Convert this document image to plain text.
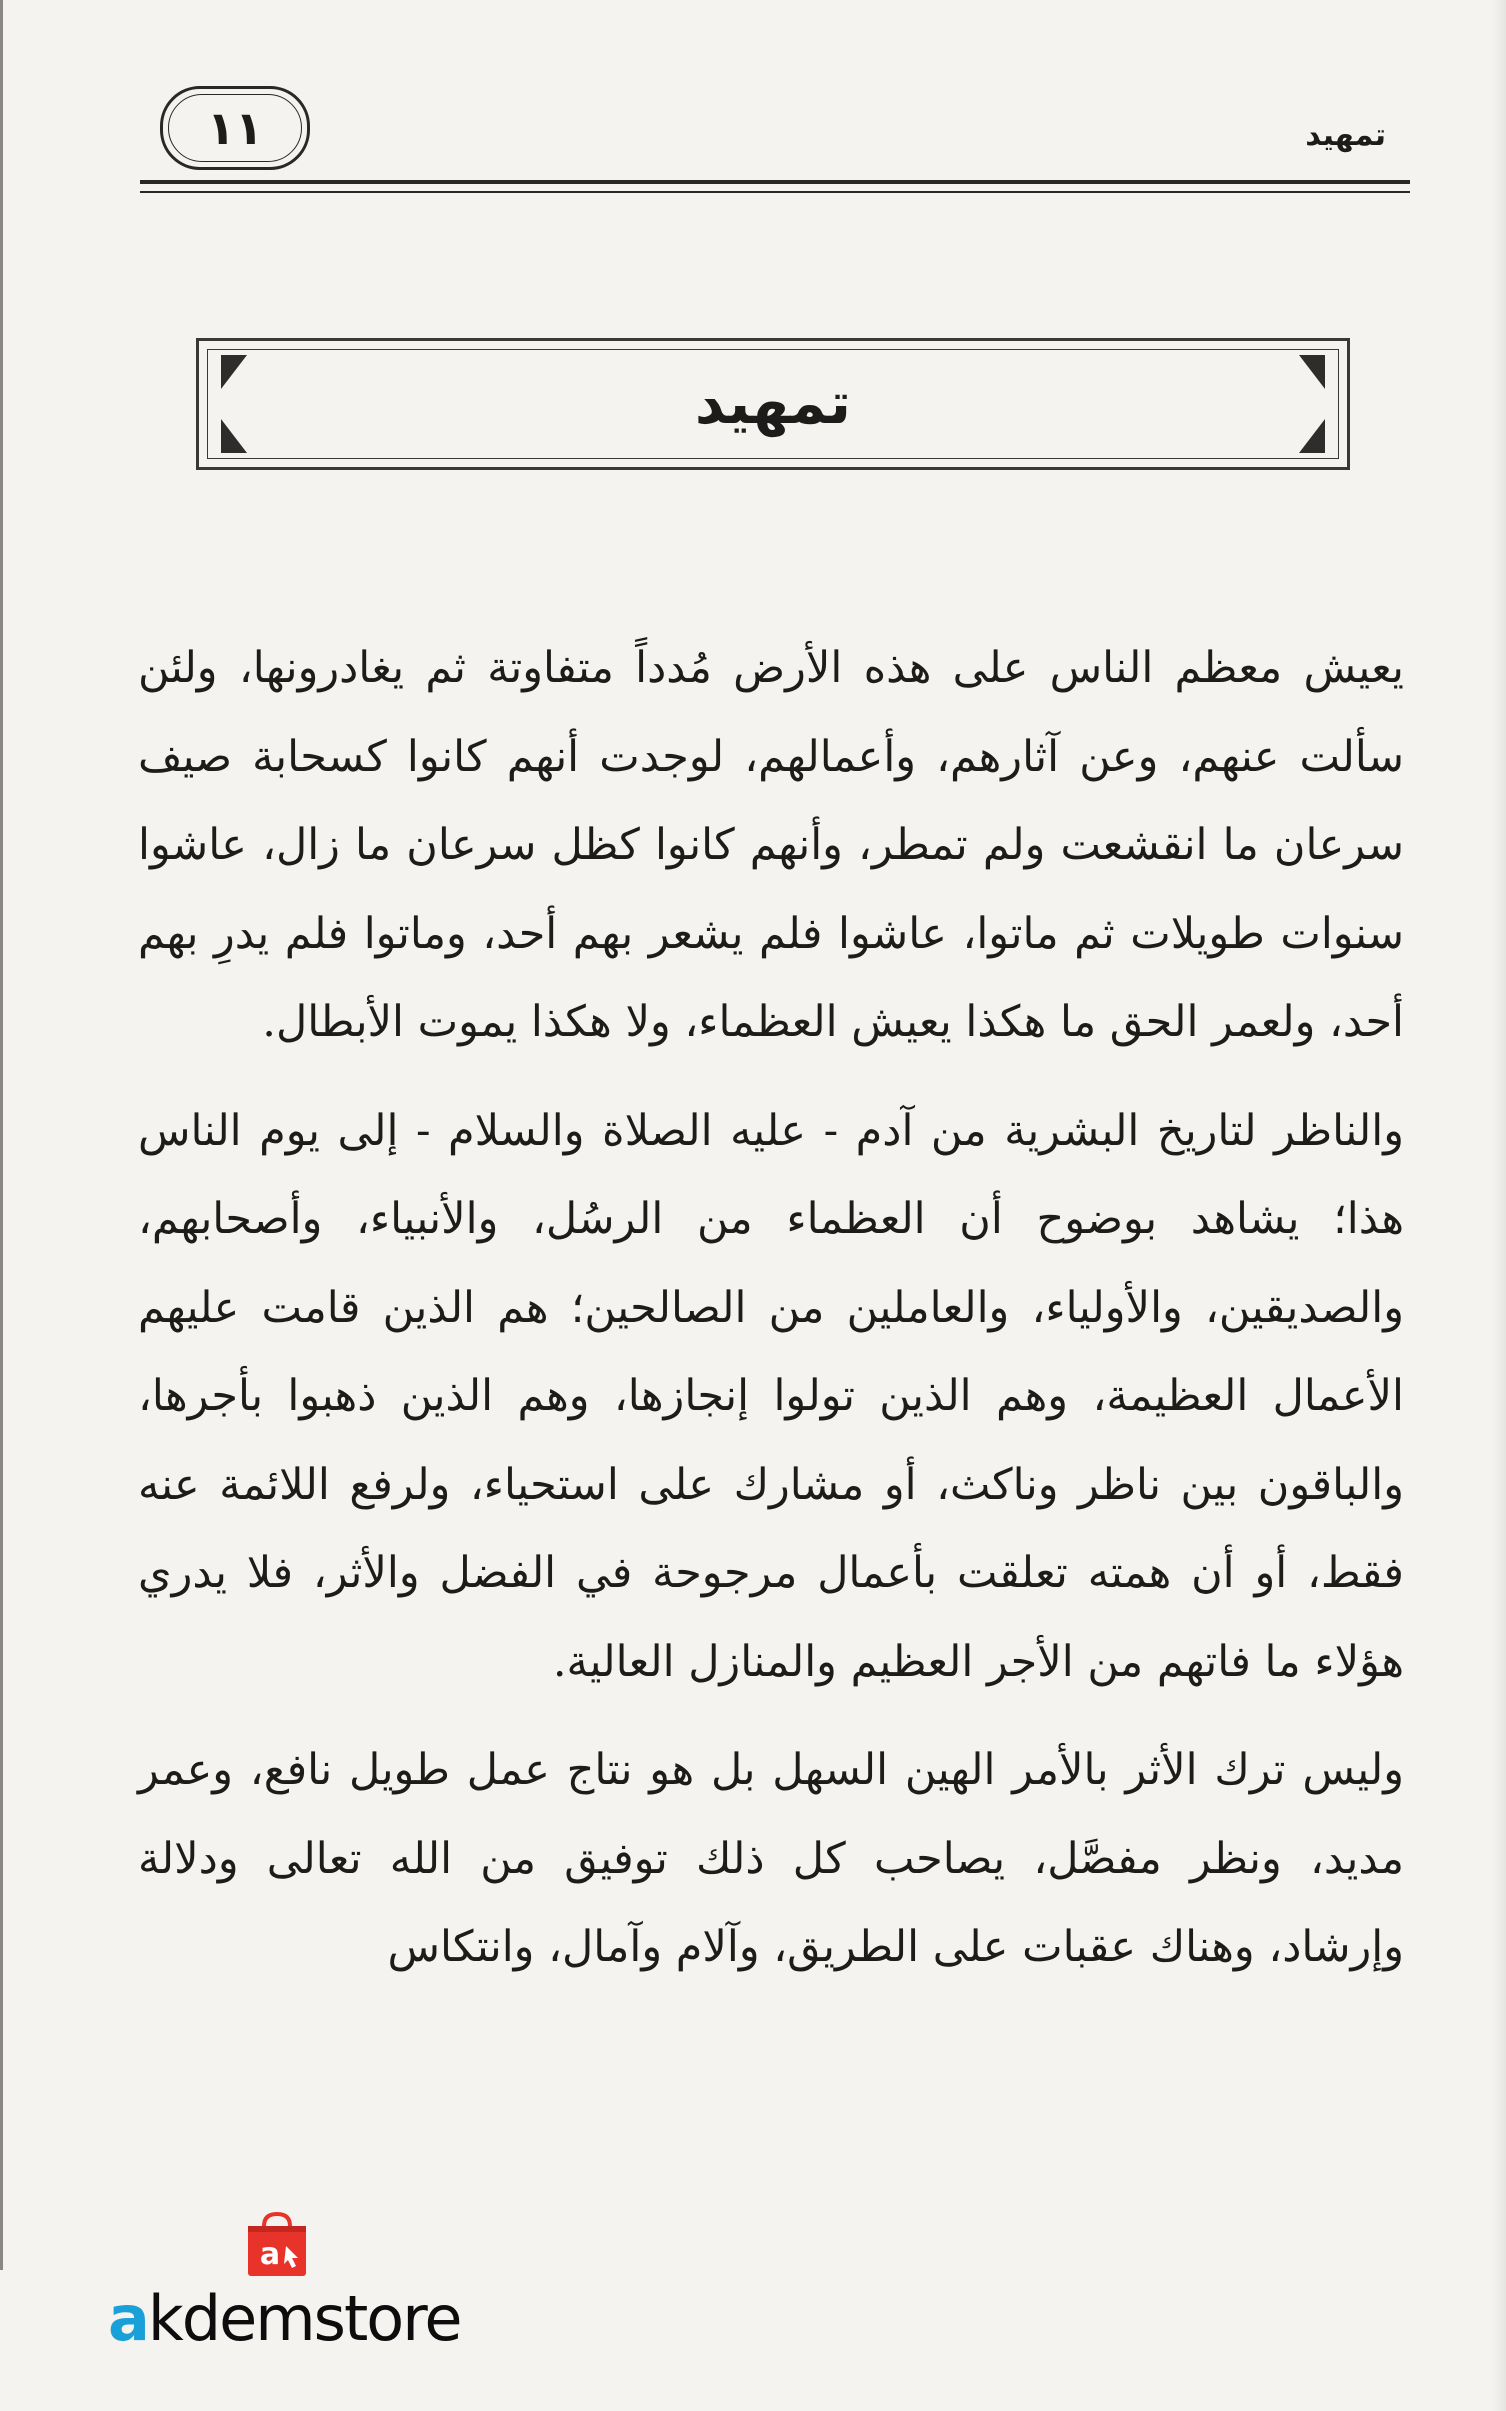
١١	تمهيد
تمهيد

يعيش معظم الناس على هذه الأرض مُدداً متفاوتة ثم يغادرونها، ولئن سألت عنهم، وعن آثارهم، وأعمالهم، لوجدت أنهم كانوا كسحابة صيف سرعان ما انقشعت ولم تمطر، وأنهم كانوا كظل سرعان ما زال، عاشوا سنوات طويلات ثم ماتوا، عاشوا فلم يشعر بهم أحد، وماتوا فلم يدرِ بهم أحد، ولعمر الحق ما هكذا يعيش العظماء، ولا هكذا يموت الأبطال.

والناظر لتاريخ البشرية من آدم - عليه الصلاة والسلام - إلى يوم الناس هذا؛ يشاهد بوضوح أن العظماء من الرسُل، والأنبياء، وأصحابهم، والصديقين، والأولياء، والعاملين من الصالحين؛ هم الذين قامت عليهم الأعمال العظيمة، وهم الذين تولوا إنجازها، وهم الذين ذهبوا بأجرها، والباقون بين ناظر وناكث، أو مشارك على استحياء، ولرفع اللائمة عنه فقط، أو أن همته تعلقت بأعمال مرجوحة في الفضل والأثر، فلا يدري هؤلاء ما فاتهم من الأجر العظيم والمنازل العالية.

وليس ترك الأثر بالأمر الهين السهل بل هو نتاج عمل طويل نافع، وعمر مديد، ونظر مفصَّل، يصاحب كل ذلك توفيق من الله تعالى ودلالة وإرشاد، وهناك عقبات على الطريق، وآلام وآمال، وانتكاس

a
akdemstore
